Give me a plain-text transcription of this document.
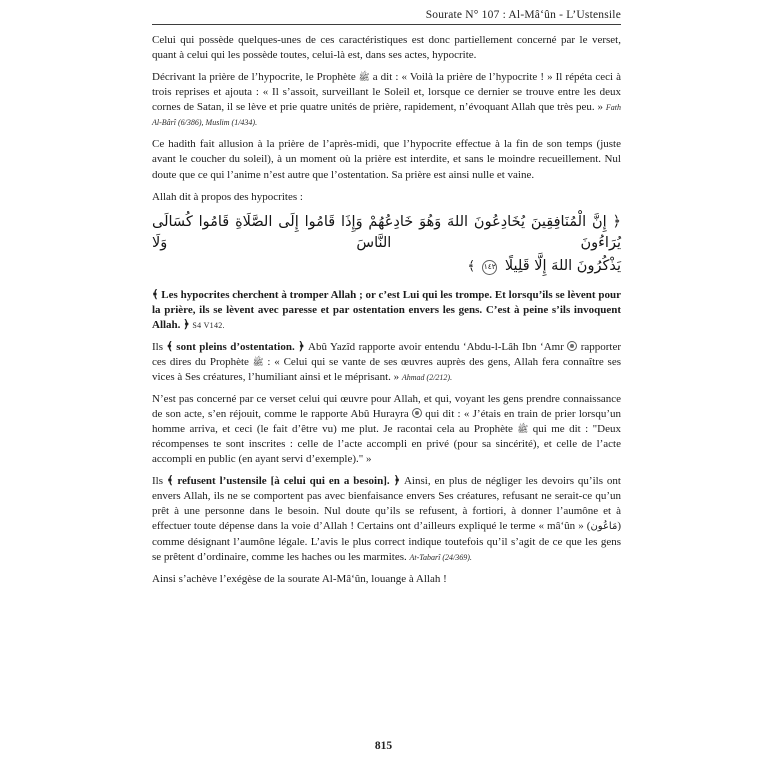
Sourate N° 107 : Al-Mâ‘ûn - L’Ustensile

Celui qui possède quelques-unes de ces caractéristiques est donc partiellement concerné par le verset, quant à celui qui les possède toutes, celui-là est, dans ses actes, hypocrite.

Décrivant la prière de l’hypocrite, le Prophète ﷺ a dit : « Voilà la prière de l’hypocrite ! » Il répéta ceci à trois reprises et ajouta : « Il s’assoit, surveillant le Soleil et, lorsque ce dernier se trouve entre les deux cornes de Satan, il se lève et prie quatre unités de prière, rapidement, n’évoquant Allah que très peu. » Fath Al-Bârî (6/386), Muslim (1/434).

Ce hadith fait allusion à la prière de l’après-midi, que l’hypocrite effectue à la fin de son temps (juste avant le coucher du soleil), à un moment où la prière est interdite, et sans le moindre recueillement. Nul doute que ce qui l’anime n’est autre que l’ostentation. Sa prière est ainsi nulle et vaine.

Allah dit à propos des hypocrites :

﴿ إِنَّ الْمُنَافِقِينَ يُخَادِعُونَ اللهَ وَهُوَ خَادِعُهُمْ وَإِذَا قَامُوا إِلَى الصَّلَاةِ قَامُوا كُسَالَى يُرَاءُونَ النَّاسَ وَلَا
يَذْكُرُونَ اللهَ إِلَّا قَلِيلًا ١٤٢ ﴾

﴾ Les hypocrites cherchent à tromper Allah ; or c’est Lui qui les trompe. Et lorsqu’ils se lèvent pour la prière, ils se lèvent avec paresse et par ostentation envers les gens. C’est à peine s’ils invoquent Allah. ﴿ S4 V142.

Ils ﴾ sont pleins d’ostentation. ﴿ Abû Yazîd rapporte avoir entendu ‘Abdu-l-Lâh Ibn ‘Amr  rapporter ces dires du Prophète ﷺ : « Celui qui se vante de ses œuvres auprès des gens, Allah fera connaître ses vices à Ses créatures, l’humiliant ainsi et le méprisant. » Ahmad (2/212).

N’est pas concerné par ce verset celui qui œuvre pour Allah, et qui, voyant les gens prendre connaissance de son acte, s’en réjouit, comme le rapporte Abû Hurayra  qui dit : « J’étais en train de prier lorsqu’un homme arriva, et ceci (le fait d’être vu) me plut. Je racontai cela au Prophète ﷺ qui me dit : "Deux récompenses te sont inscrites : celle de l’acte accompli en privé (pour sa sincérité), et celle de l’acte accompli en public (en ayant servi d’exemple)." »

Ils ﴾ refusent l’ustensile [à celui qui en a besoin]. ﴿ Ainsi, en plus de négliger les devoirs qu’ils ont envers Allah, ils ne se comportent pas avec bienfaisance envers Ses créatures, refusant ne serait-ce qu’un prêt à une personne dans le besoin. Nul doute qu’ils se refusent, à fortiori, à donner l’aumône et à effectuer toute dépense dans la voie d’Allah ! Certains ont d’ailleurs expliqué le terme « mâ‘ûn » (مَاعُون) comme désignant l’aumône légale. L’avis le plus correct indique toutefois qu’il s’agit de ce que les gens se prêtent d’ordinaire, comme les haches ou les marmites. At-Tabarî (24/369).

Ainsi s’achève l’exégèse de la sourate Al-Mâ‘ûn, louange à Allah !

815
